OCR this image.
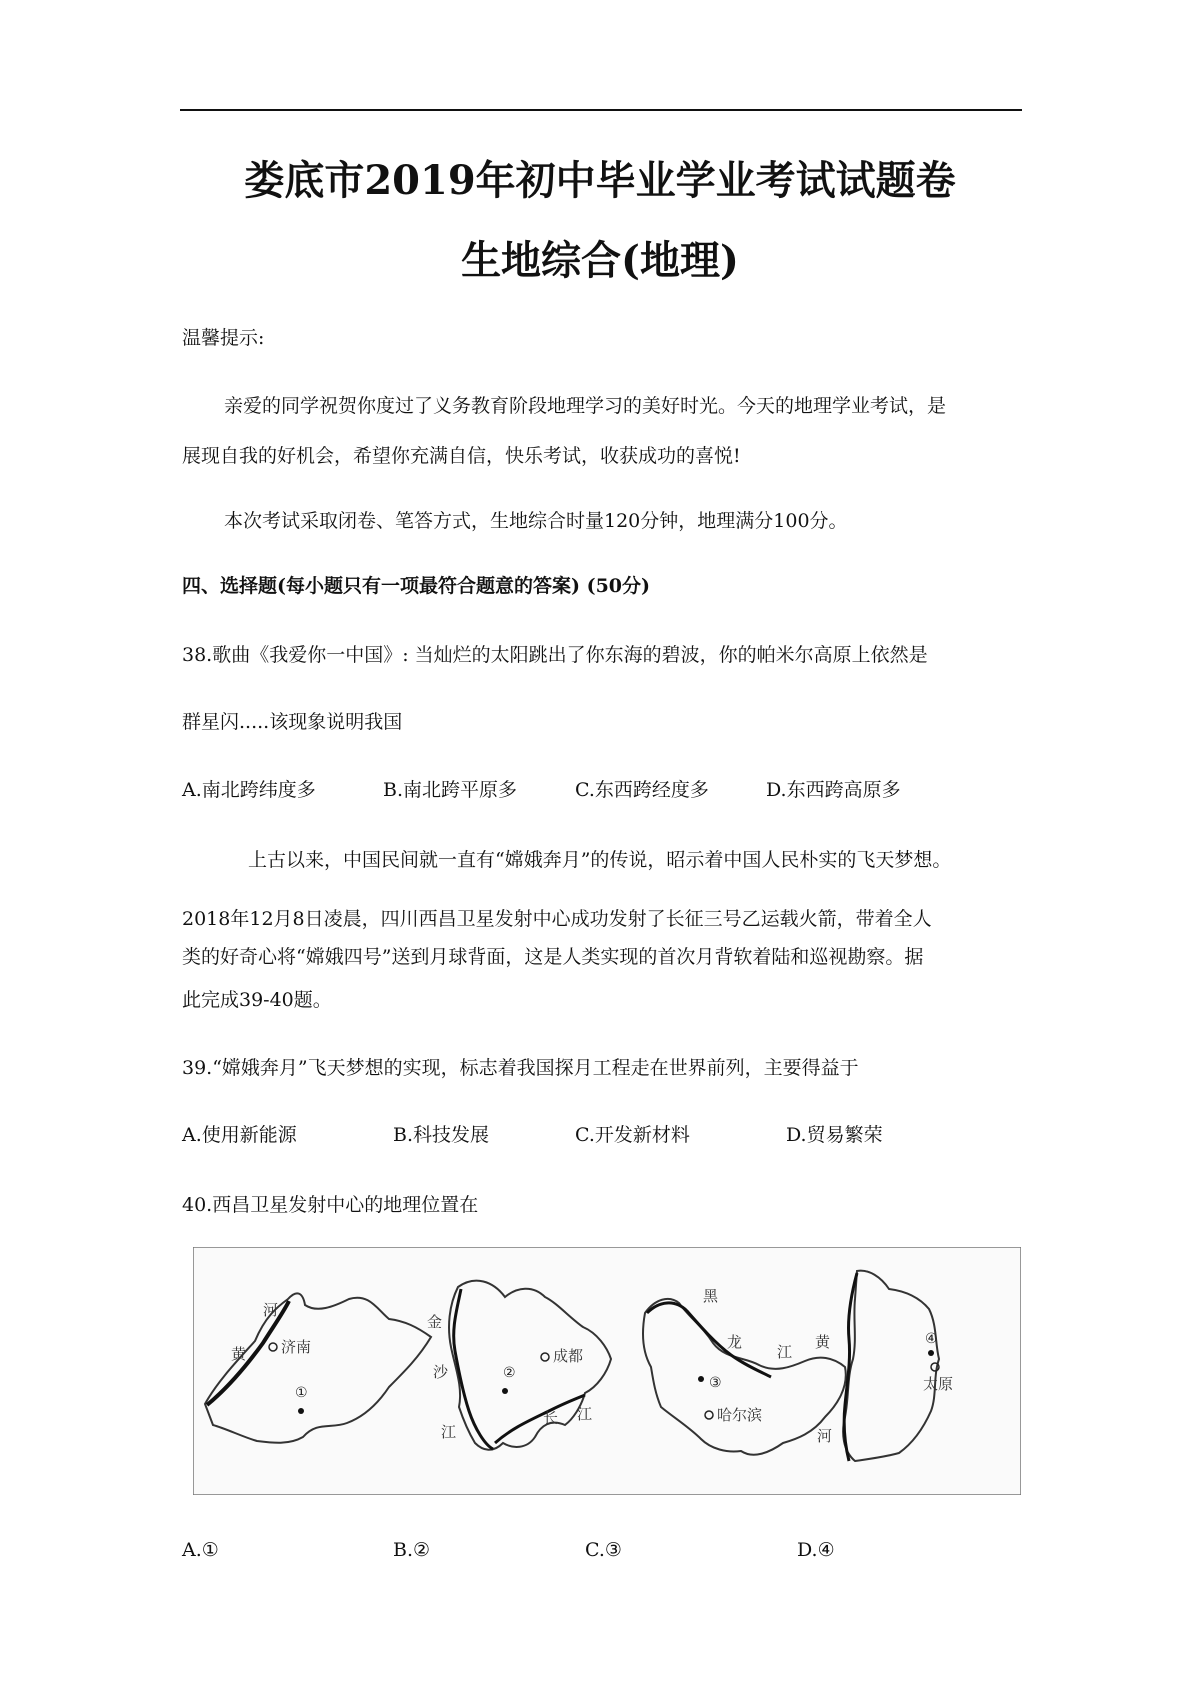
娄底市2019年初中毕业学业考试试题卷
生地综合(地理)
温馨提示:
亲爱的同学祝贺你度过了义务教育阶段地理学习的美好时光。今天的地理学业考试，是
展现自我的好机会，希望你充满自信，快乐考试，收获成功的喜悦!
本次考试采取闭卷、笔答方式，生地综合时量120分钟，地理满分100分。
四、选择题(每小题只有一项最符合题意的答案) (50分)
38.歌曲《我爱你一中国》: 当灿烂的太阳跳出了你东海的碧波，你的帕米尔高原上依然是
群星闪.....该现象说明我国
A.南北跨纬度多	B.南北跨平原多	C.东西跨经度多	D.东西跨高原多
上古以来，中国民间就一直有“嫦娥奔月”的传说，昭示着中国人民朴实的飞天梦想。
2018年12月8日凌晨，四川西昌卫星发射中心成功发射了长征三号乙运载火箭，带着全人
类的好奇心将“嫦娥四号”送到月球背面，这是人类实现的首次月背软着陆和巡视勘察。据
此完成39-40题。
39.“嫦娥奔月”飞天梦想的实现，标志着我国探月工程走在世界前列，主要得益于
A.使用新能源	B.科技发展	C.开发新材料	D.贸易繁荣
40.西昌卫星发射中心的地理位置在
河
黄 济南
①
金
沙
江
成都
②
长 江
黑
龙
江
③
哈尔滨
黄
河
④
太原
A.①	B.②	C.③	D.④
